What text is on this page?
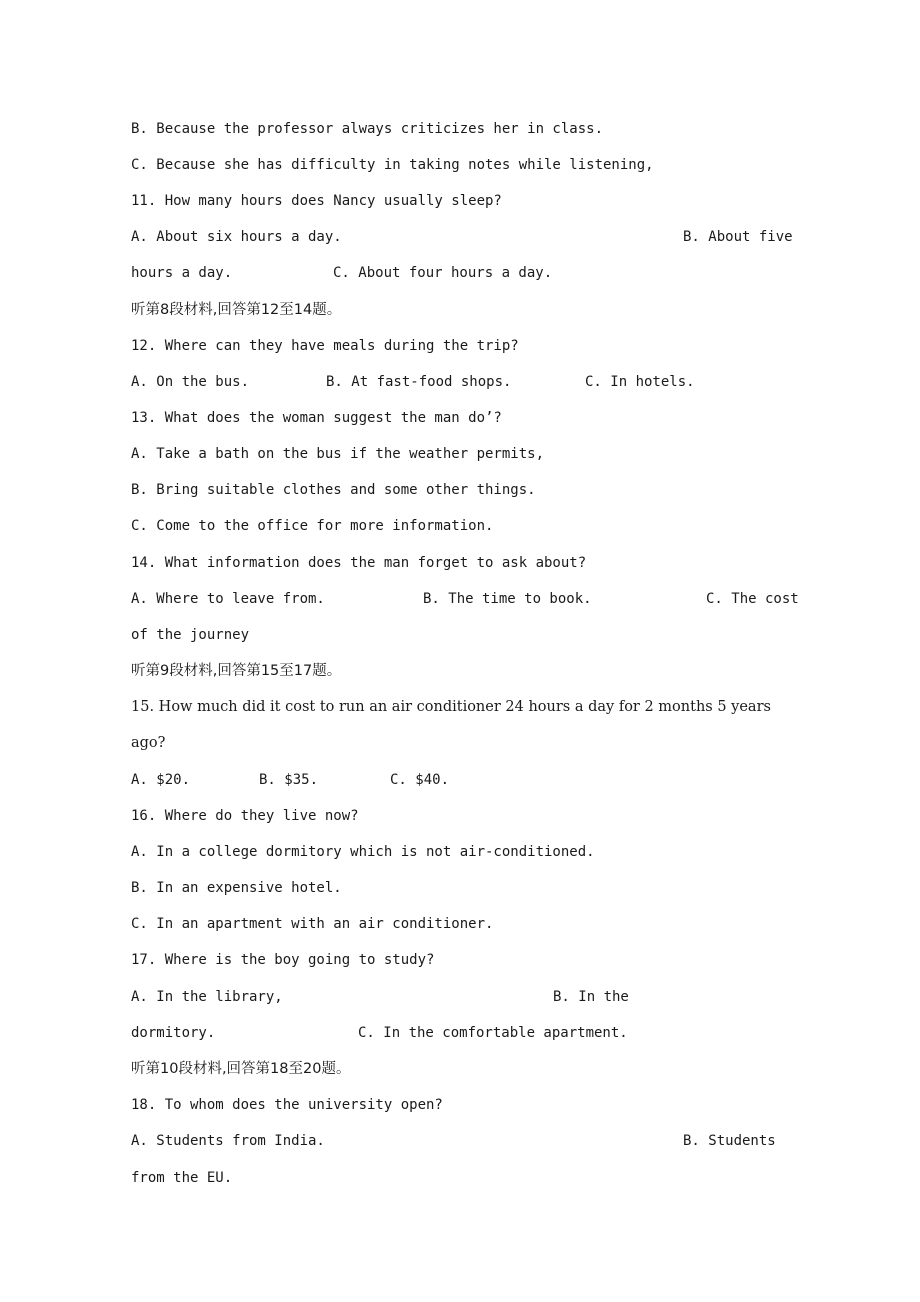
B. Because the professor always criticizes her in class.
C. Because she has difficulty in taking notes while listening,
11. How many hours does Nancy usually sleep?
A. About six hours a day.	B. About five
hours a day.	C. About four hours a day.
听第8段材料,回答第12至14题。
12. Where can they have meals during the trip?
A. On the bus.	B. At fast-food shops.	C. In hotels.
13. What does the woman suggest the man do’?
A. Take a bath on the bus if the weather permits,
B. Bring suitable clothes and some other things.
C. Come to the office for more information.
14. What information does the man forget to ask about?
A. Where to leave from.	B. The time to book.	C. The cost
of the journey
听第9段材料,回答第15至17题。
15. How much did it cost to run an air conditioner 24 hours a day for 2 months 5 years
ago?
A. $20.	B. $35.	C. $40.
16. Where do they live now?
A. In a college dormitory which is not air-conditioned.
B. In an expensive hotel.
C. In an apartment with an air conditioner.
17. Where is the boy going to study?
A. In the library,	B. In the
dormitory.	C. In the comfortable apartment.
听第10段材料,回答第18至20题。
18. To whom does the university open?
A. Students from India.	B. Students
from the EU.
